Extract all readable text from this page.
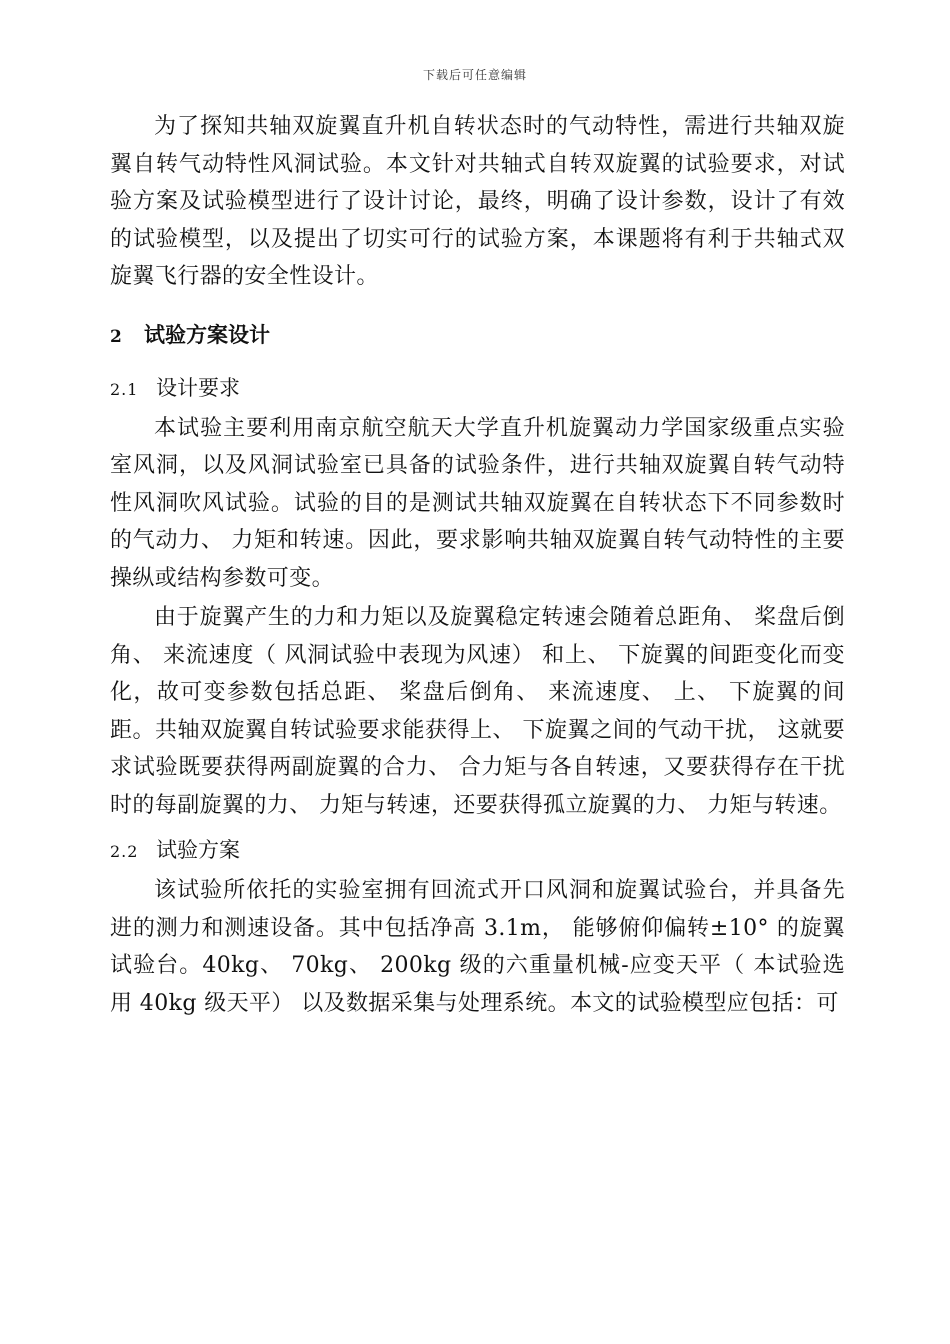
下载后可任意编辑

为了探知共轴双旋翼直升机自转状态时的气动特性，需进行共轴双旋翼自转气动特性风洞试验。本文针对共轴式自转双旋翼的试验要求，对试验方案及试验模型进行了设计讨论，最终，明确了设计参数，设计了有效的试验模型，以及提出了切实可行的试验方案，本课题将有利于共轴式双旋翼飞行器的安全性设计。

2	试验方案设计
2.1 设计要求

本试验主要利用南京航空航天大学直升机旋翼动力学国家级重点实验室风洞，以及风洞试验室已具备的试验条件，进行共轴双旋翼自转气动特性风洞吹风试验。试验的目的是测试共轴双旋翼在自转状态下不同参数时的气动力、 力矩和转速。因此，要求影响共轴双旋翼自转气动特性的主要操纵或结构参数可变。

由于旋翼产生的力和力矩以及旋翼稳定转速会随着总距角、 桨盘后倒角、 来流速度（ 风洞试验中表现为风速） 和上、 下旋翼的间距变化而变化，故可变参数包括总距、 桨盘后倒角、 来流速度、 上、 下旋翼的间距。共轴双旋翼自转试验要求能获得上、 下旋翼之间的气动干扰， 这就要求试验既要获得两副旋翼的合力、 合力矩与各自转速，又要获得存在干扰时的每副旋翼的力、 力矩与转速，还要获得孤立旋翼的力、 力矩与转速。

2.2 试验方案

该试验所依托的实验室拥有回流式开口风洞和旋翼试验台，并具备先进的测力和测速设备。其中包括净高 3.1m， 能够俯仰偏转±10° 的旋翼试验台。40kg、 70kg、 200kg 级的六重量机械-应变天平（ 本试验选用 40kg 级天平） 以及数据采集与处理系统。本文的试验模型应包括：可
